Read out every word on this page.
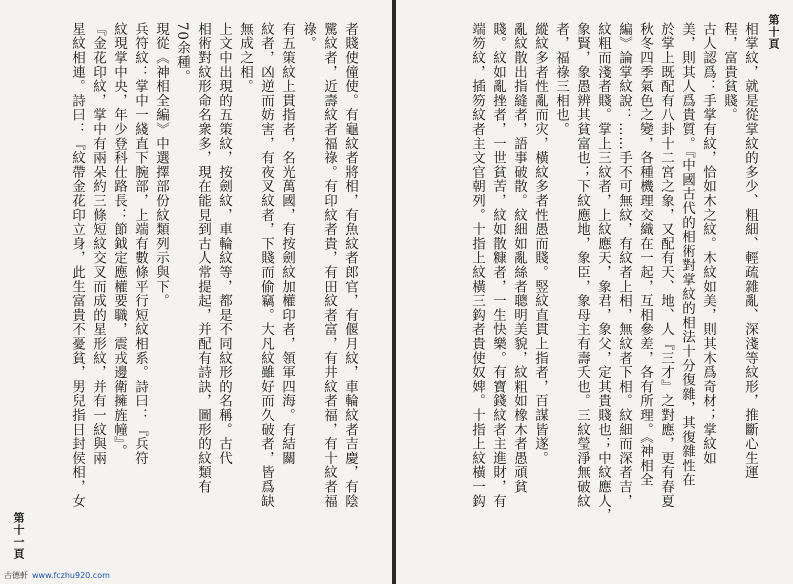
者賤使僮使。有龜紋者將相，有魚紋者郎官，有偃月紋，車輪紋者吉慶，有陰
騭紋者，近壽紋者福祿。有印紋者貴，有田紋者富，有井紋者福，有十紋者福
祿。
有五策紋上貫指者，名光萬國，有按劍紋加權印者，領軍四海。有結關
紋者，凶逆而妨害，有夜叉紋者，下賤而偷竊。大凡紋雖好而久破者，皆爲缺
無成之相。
上文中出現的五策紋，按劍紋，車輪紋等，都是不同紋形的名稱。古代
相術對紋形命名衆多，現在能見到古人常提起，并配有詩訣，圖形的紋類有
70余種。
現從《神相全編》中選擇部份紋類列示與下。
兵符紋：掌中一綫直下腕部，上端有數條平行短紋相系。詩曰：『兵符
紋現掌中央，年少登科仕路長：節鉞定應權要職，震戎邊衛擁旌幢』。
『金花印紋，掌中有兩朵約三條短紋交叉而成的星形紋，并有一紋與兩
星紋相連。詩曰：『紋帶金花印立身，此生富貴不憂貧，男兒指日封侯相，女
第十一頁
古德軒 www.fczhu920.com
相掌紋，就是從掌紋的多少、粗細、輕疏雜亂、深淺等紋形，推斷心生運
程，富貴貧賤。
古人認爲：手掌有紋，恰如木之紋。木紋如美，則其木爲奇材；掌紋如
美，則其人爲貴質。『中國古代的相術對掌紋的相法十分復雜，其復雜性在
於掌上既配有八卦十二宮之象，又配有天、地、人『三才』之對應，更有春夏
秋冬四季氣色之變，各種機理交織在一起，互相參差，各有所理。《神相全
編》論掌紋說：……手不可無紋，有紋者上相，無紋者下相。紋細而深者吉，
紋粗而淺者賤。掌上三紋者，上紋應天，象君，象父，定其貴賤也；中紋應人，
象賢，象愚辨其貧富也；下紋應地，象臣，象母主有壽夭也。三紋瑩淨無破紋
者，福祿三相也。
縱紋多者性亂而灾，橫紋多者性愚而賤。竪紋直貫上指者，百謀皆遂。
亂紋散出指縫者，語事破散。紋細如亂絲者聰明美貌，紋粗如橡木者愚頑貧
賤。紋如亂挫者，一世貧苦，紋如散糠者，一生快樂。有寶錢紋者主進財，有
端笏紋，插笏紋者主文官朝列。十指上紋橫三鈎者貴使奴婢。十指上紋橫一鈎	第十頁
